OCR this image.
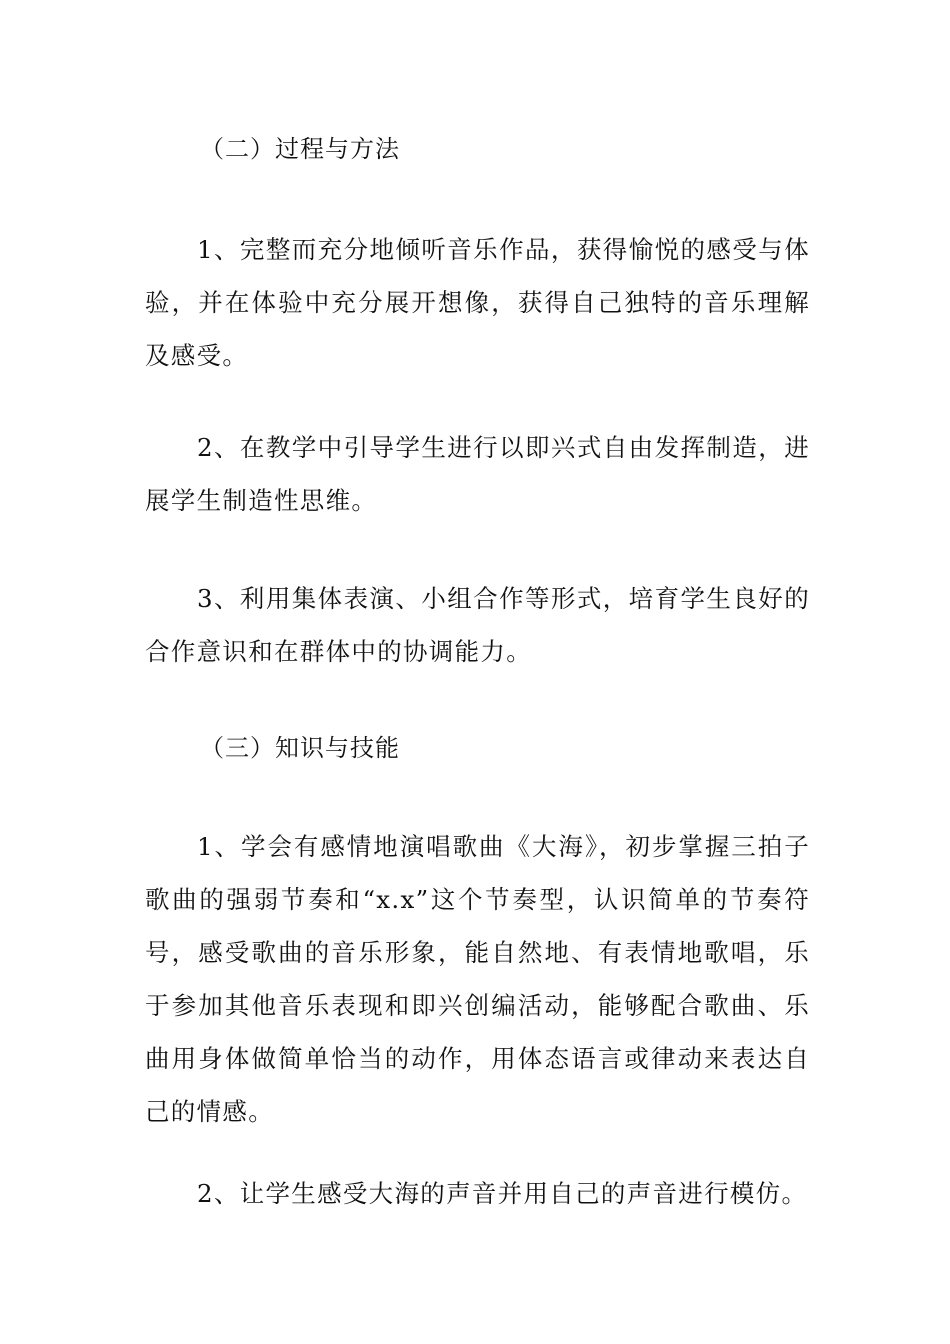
（二）过程与方法
1、完整而充分地倾听音乐作品，获得愉悦的感受与体验，并在体验中充分展开想像，获得自己独特的音乐理解及感受。
2、在教学中引导学生进行以即兴式自由发挥制造，进展学生制造性思维。
3、利用集体表演、小组合作等形式，培育学生良好的合作意识和在群体中的协调能力。
（三）知识与技能
1、学会有感情地演唱歌曲《大海》，初步掌握三拍子歌曲的强弱节奏和“x.x”这个节奏型，认识简单的节奏符号，感受歌曲的音乐形象，能自然地、有表情地歌唱，乐于参加其他音乐表现和即兴创编活动，能够配合歌曲、乐曲用身体做简单恰当的动作，用体态语言或律动来表达自己的情感。
2、让学生感受大海的声音并用自己的声音进行模仿。
